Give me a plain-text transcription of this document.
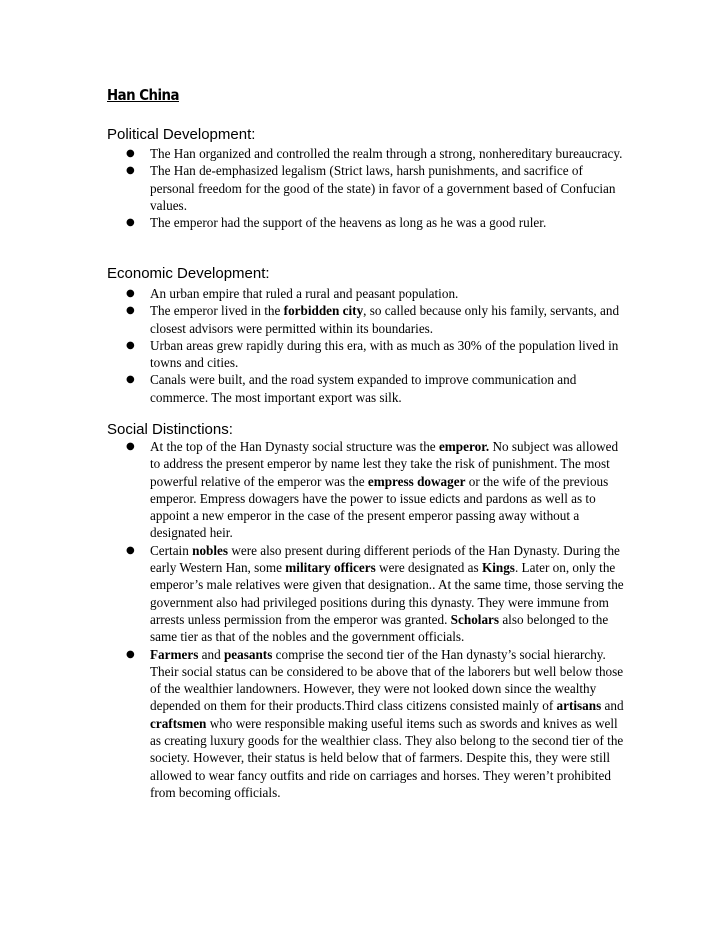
Han China
Political Development:
● The Han organized and controlled the realm through a strong, nonhereditary bureaucracy.
● The Han de-emphasized legalism (Strict laws, harsh punishments, and sacrifice of personal freedom for the good of the state) in favor of a government based of Confucian values.
● The emperor had the support of the heavens as long as he was a good ruler.
Economic Development:
● An urban empire that ruled a rural and peasant population.
● The emperor lived in the forbidden city, so called because only his family, servants, and closest advisors were permitted within its boundaries.
● Urban areas grew rapidly during this era, with as much as 30% of the population lived in towns and cities.
● Canals were built, and the road system expanded to improve communication and commerce. The most important export was silk.
Social Distinctions:
● At the top of the Han Dynasty social structure was the emperor. No subject was allowed to address the present emperor by name lest they take the risk of punishment. The most powerful relative of the emperor was the empress dowager or the wife of the previous emperor. Empress dowagers have the power to issue edicts and pardons as well as to appoint a new emperor in the case of the present emperor passing away without a designated heir.
● Certain nobles were also present during different periods of the Han Dynasty. During the early Western Han, some military officers were designated as Kings. Later on, only the emperor’s male relatives were given that designation.. At the same time, those serving the government also had privileged positions during this dynasty. They were immune from arrests unless permission from the emperor was granted. Scholars also belonged to the same tier as that of the nobles and the government officials.
● Farmers and peasants comprise the second tier of the Han dynasty’s social hierarchy. Their social status can be considered to be above that of the laborers but well below those of the wealthier landowners. However, they were not looked down since the wealthy depended on them for their products.Third class citizens consisted mainly of artisans and craftsmen who were responsible making useful items such as swords and knives as well as creating luxury goods for the wealthier class. They also belong to the second tier of the society. However, their status is held below that of farmers. Despite this, they were still allowed to wear fancy outfits and ride on carriages and horses. They weren’t prohibited from becoming officials.
